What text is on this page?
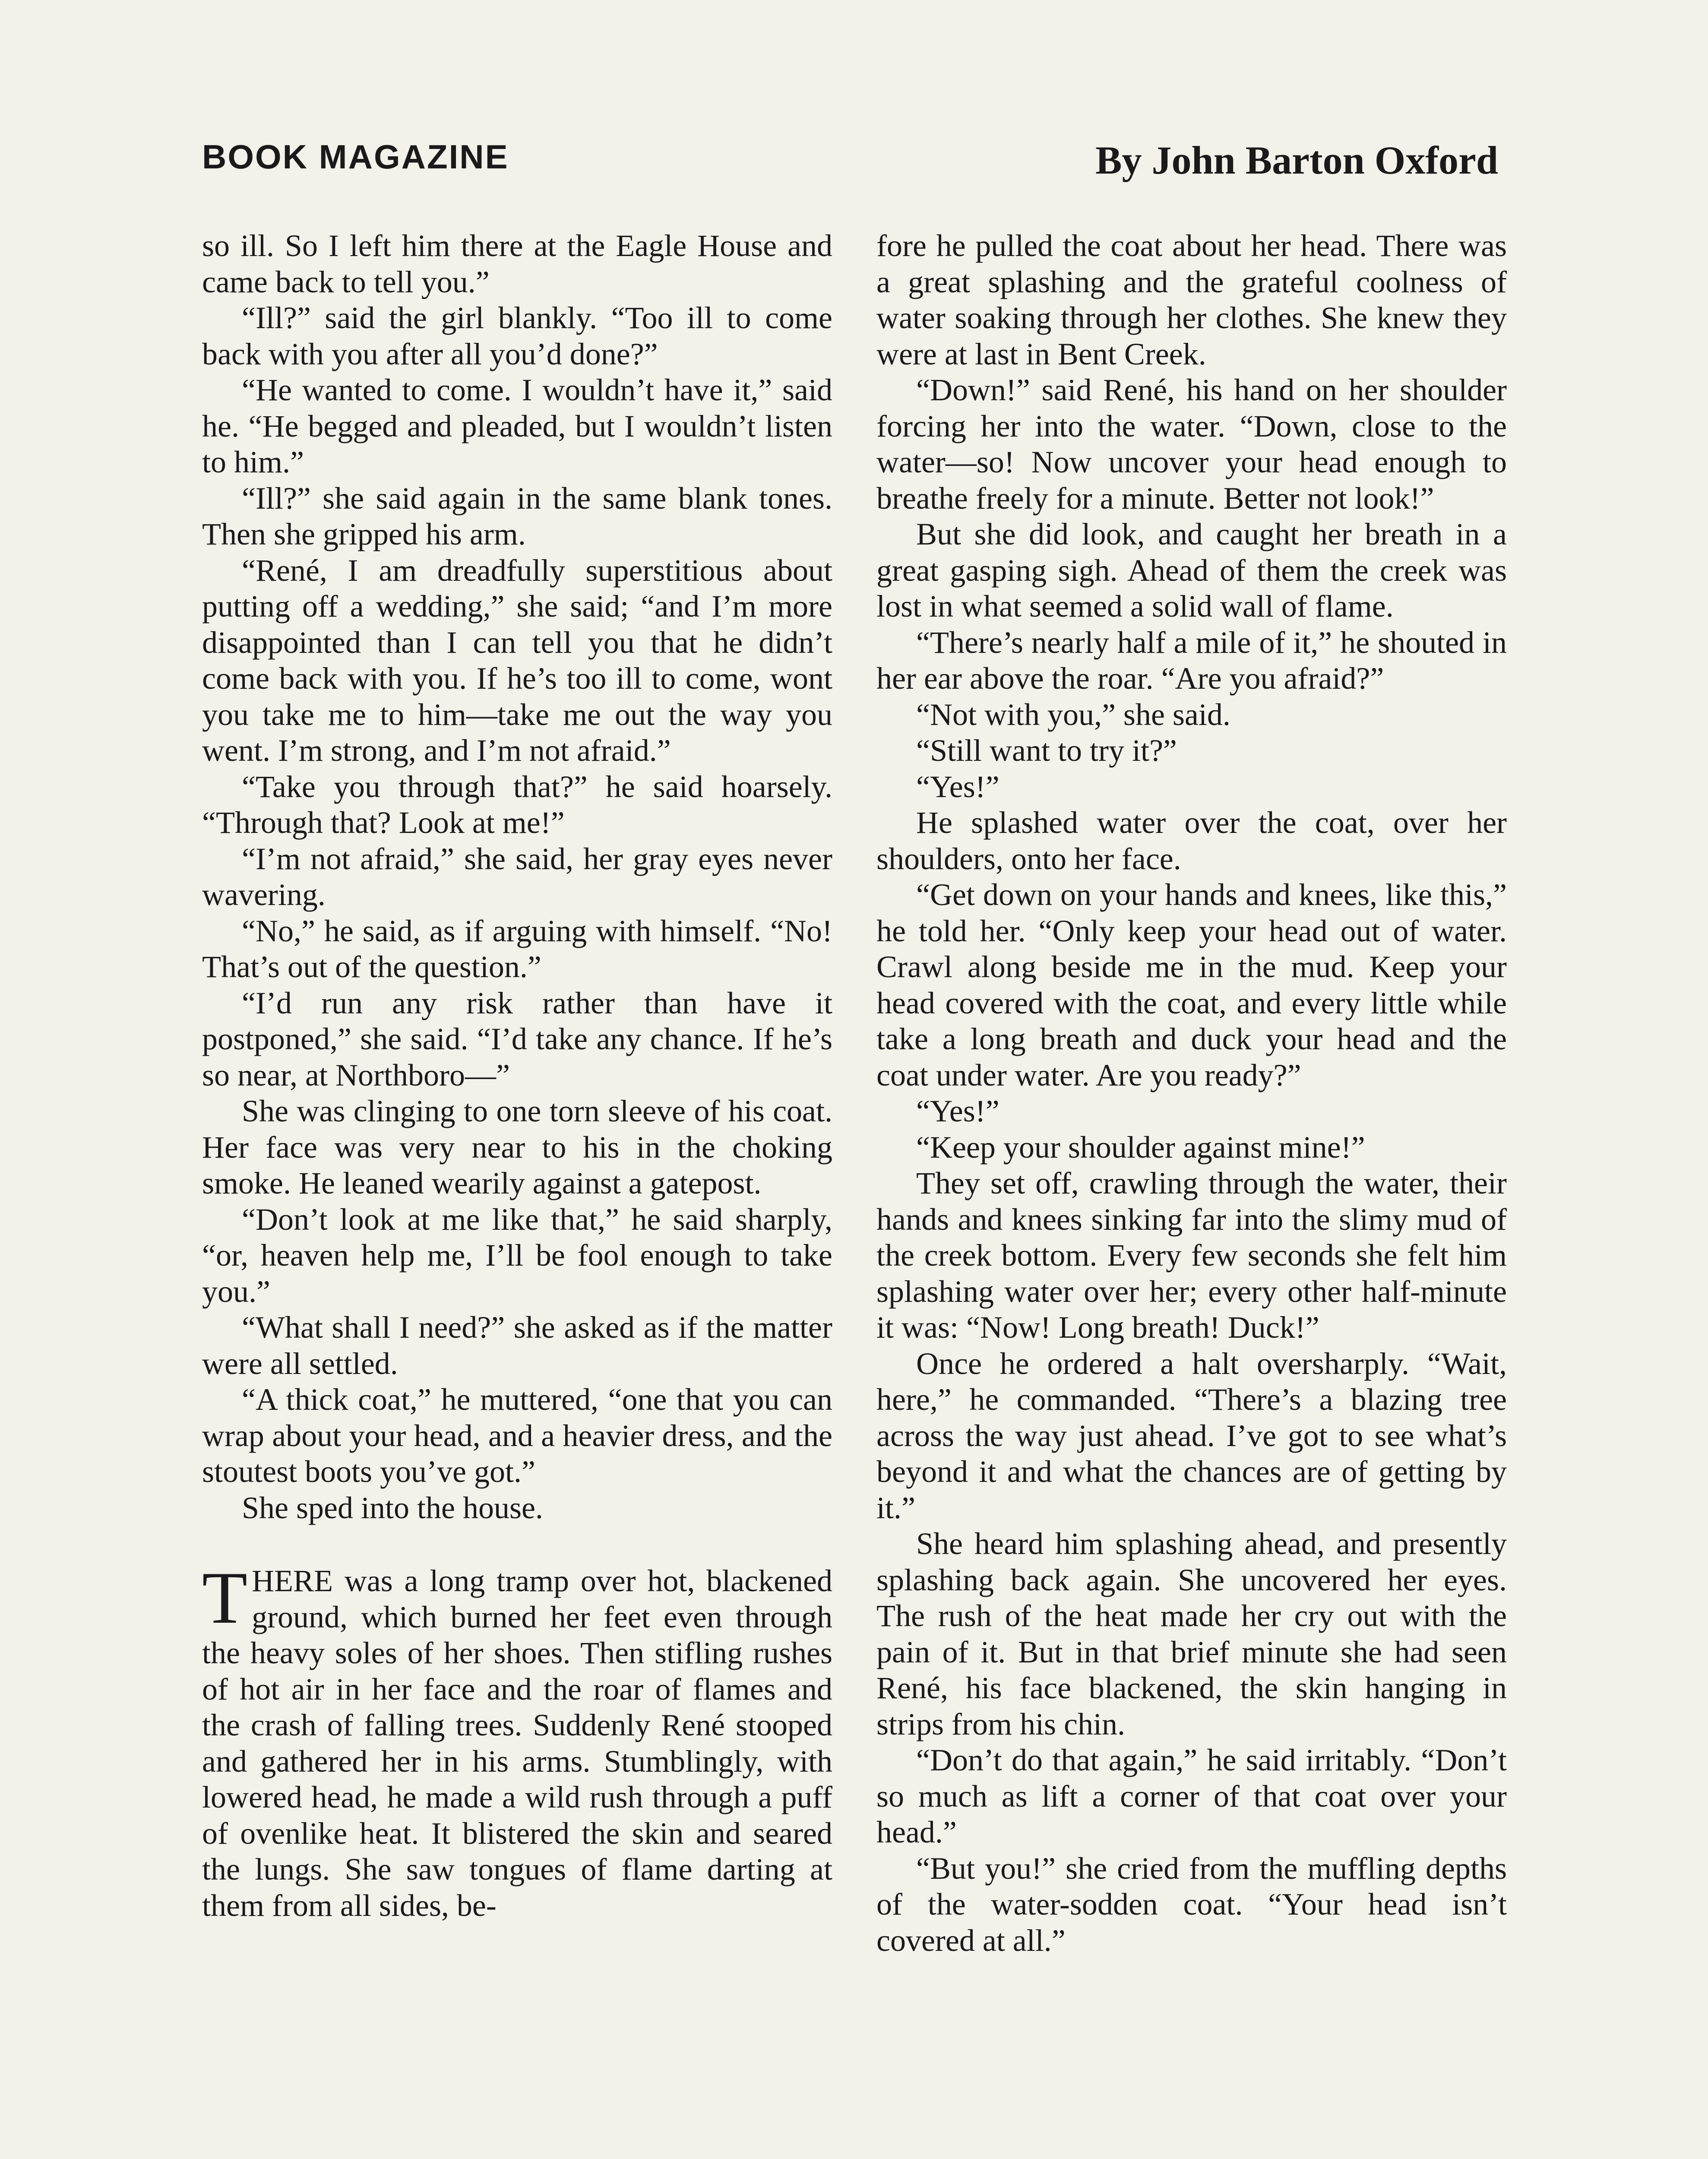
BOOK MAGAZINE	By John Barton Oxford

so ill. So I left him there at the Eagle House and came back to tell you.”

“Ill?” said the girl blankly. “Too ill to come back with you after all you’d done?”

“He wanted to come. I wouldn’t have it,” said he. “He begged and pleaded, but I wouldn’t listen to him.”

“Ill?” she said again in the same blank tones. Then she gripped his arm.

“René, I am dreadfully superstitious about putting off a wedding,” she said; “and I’m more disappointed than I can tell you that he didn’t come back with you. If he’s too ill to come, wont you take me to him—take me out the way you went. I’m strong, and I’m not afraid.”

“Take you through that?” he said hoarsely. “Through that? Look at me!”

“I’m not afraid,” she said, her gray eyes never wavering.

“No,” he said, as if arguing with himself. “No! That’s out of the question.”

“I’d run any risk rather than have it postponed,” she said. “I’d take any chance. If he’s so near, at Northboro—”

She was clinging to one torn sleeve of his coat. Her face was very near to his in the choking smoke. He leaned wearily against a gatepost.

“Don’t look at me like that,” he said sharply, “or, heaven help me, I’ll be fool enough to take you.”

“What shall I need?” she asked as if the matter were all settled.

“A thick coat,” he muttered, “one that you can wrap about your head, and a heavier dress, and the stoutest boots you’ve got.”

She sped into the house.

THERE was a long tramp over hot, blackened ground, which burned her feet even through the heavy soles of her shoes. Then stifling rushes of hot air in her face and the roar of flames and the crash of falling trees. Suddenly René stooped and gathered her in his arms. Stumblingly, with lowered head, he made a wild rush through a puff of ovenlike heat. It blistered the skin and seared the lungs. She saw tongues of flame darting at them from all sides, be-

fore he pulled the coat about her head. There was a great splashing and the grateful coolness of water soaking through her clothes. She knew they were at last in Bent Creek.

“Down!” said René, his hand on her shoulder forcing her into the water. “Down, close to the water—so! Now uncover your head enough to breathe freely for a minute. Better not look!”

But she did look, and caught her breath in a great gasping sigh. Ahead of them the creek was lost in what seemed a solid wall of flame.

“There’s nearly half a mile of it,” he shouted in her ear above the roar. “Are you afraid?”

“Not with you,” she said.

“Still want to try it?”

“Yes!”

He splashed water over the coat, over her shoulders, onto her face.

“Get down on your hands and knees, like this,” he told her. “Only keep your head out of water. Crawl along beside me in the mud. Keep your head covered with the coat, and every little while take a long breath and duck your head and the coat under water. Are you ready?”

“Yes!”

“Keep your shoulder against mine!”

They set off, crawling through the water, their hands and knees sinking far into the slimy mud of the creek bottom. Every few seconds she felt him splashing water over her; every other half-minute it was: “Now! Long breath! Duck!”

Once he ordered a halt oversharply. “Wait, here,” he commanded. “There’s a blazing tree across the way just ahead. I’ve got to see what’s beyond it and what the chances are of getting by it.”

She heard him splashing ahead, and presently splashing back again. She uncovered her eyes. The rush of the heat made her cry out with the pain of it. But in that brief minute she had seen René, his face blackened, the skin hanging in strips from his chin.

“Don’t do that again,” he said irritably. “Don’t so much as lift a corner of that coat over your head.”

“But you!” she cried from the muffling depths of the water-sodden coat. “Your head isn’t covered at all.”
